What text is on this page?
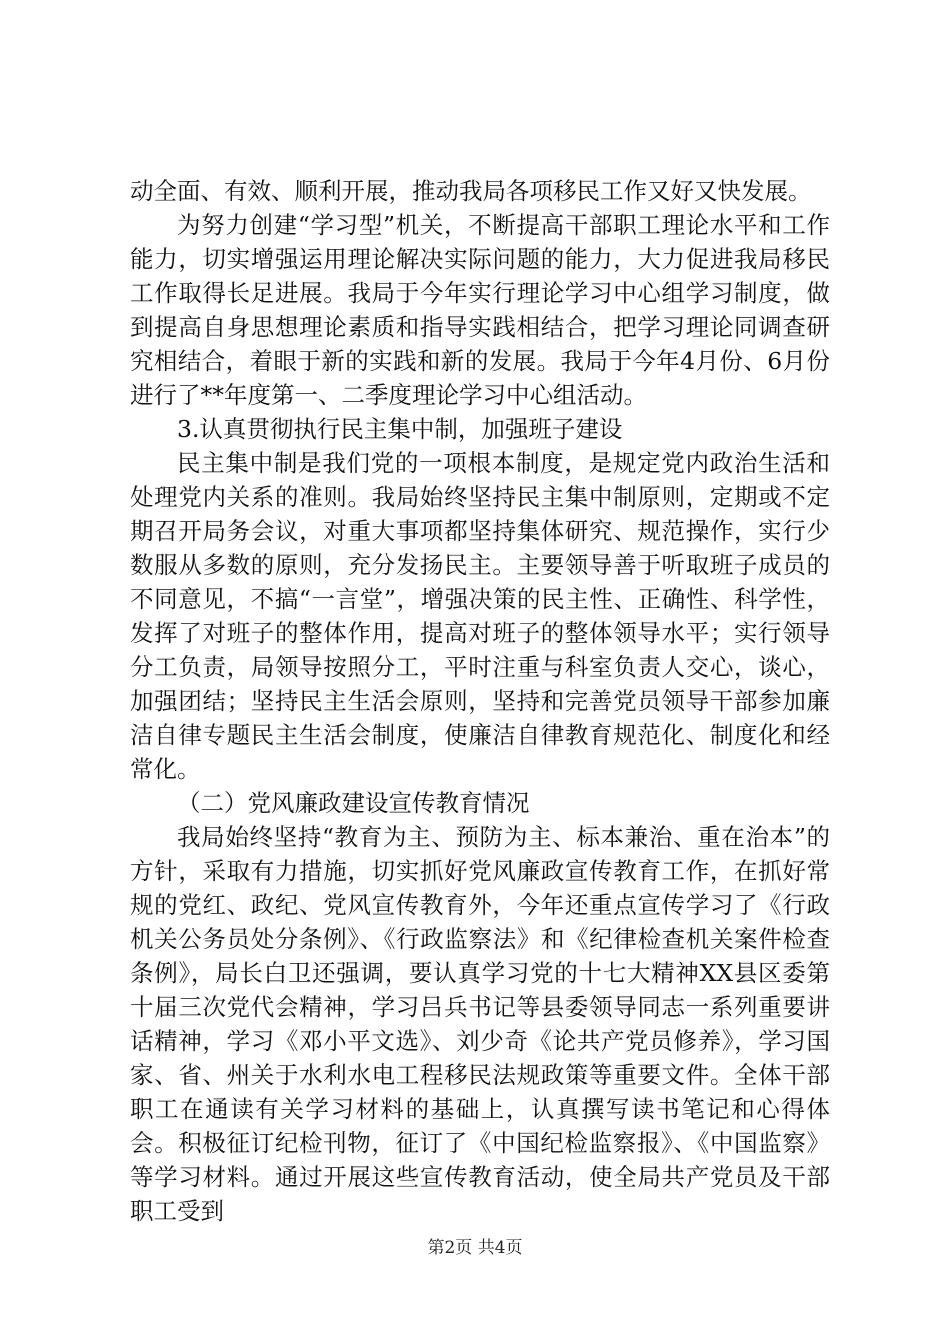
动全面、有效、顺利开展，推动我局各项移民工作又好又快发展。

为努力创建“学习型”机关，不断提高干部职工理论水平和工作能力，切实增强运用理论解决实际问题的能力，大力促进我局移民工作取得长足进展。我局于今年实行理论学习中心组学习制度，做到提高自身思想理论素质和指导实践相结合，把学习理论同调查研究相结合，着眼于新的实践和新的发展。我局于今年4月份、6月份进行了**年度第一、二季度理论学习中心组活动。

3.认真贯彻执行民主集中制，加强班子建设

民主集中制是我们党的一项根本制度，是规定党内政治生活和处理党内关系的准则。我局始终坚持民主集中制原则，定期或不定期召开局务会议，对重大事项都坚持集体研究、规范操作，实行少数服从多数的原则，充分发扬民主。主要领导善于听取班子成员的不同意见，不搞“一言堂”，增强决策的民主性、正确性、科学性，发挥了对班子的整体作用，提高对班子的整体领导水平；实行领导分工负责，局领导按照分工，平时注重与科室负责人交心，谈心，加强团结；坚持民主生活会原则，坚持和完善党员领导干部参加廉洁自律专题民主生活会制度，使廉洁自律教育规范化、制度化和经常化。

（二）党风廉政建设宣传教育情况

我局始终坚持“教育为主、预防为主、标本兼治、重在治本”的方针，采取有力措施，切实抓好党风廉政宣传教育工作，在抓好常规的党红、政纪、党风宣传教育外，今年还重点宣传学习了《行政机关公务员处分条例》、《行政监察法》和《纪律检查机关案件检查条例》，局长白卫还强调，要认真学习党的十七大精神XX县区委第十届三次党代会精神，学习吕兵书记等县委领导同志一系列重要讲话精神，学习《邓小平文选》、刘少奇《论共产党员修养》，学习国家、省、州关于水利水电工程移民法规政策等重要文件。全体干部职工在通读有关学习材料的基础上，认真撰写读书笔记和心得体会。积极征订纪检刊物，征订了《中国纪检监察报》、《中国监察》等学习材料。通过开展这些宣传教育活动，使全局共产党员及干部职工受到

第2页 共4页
